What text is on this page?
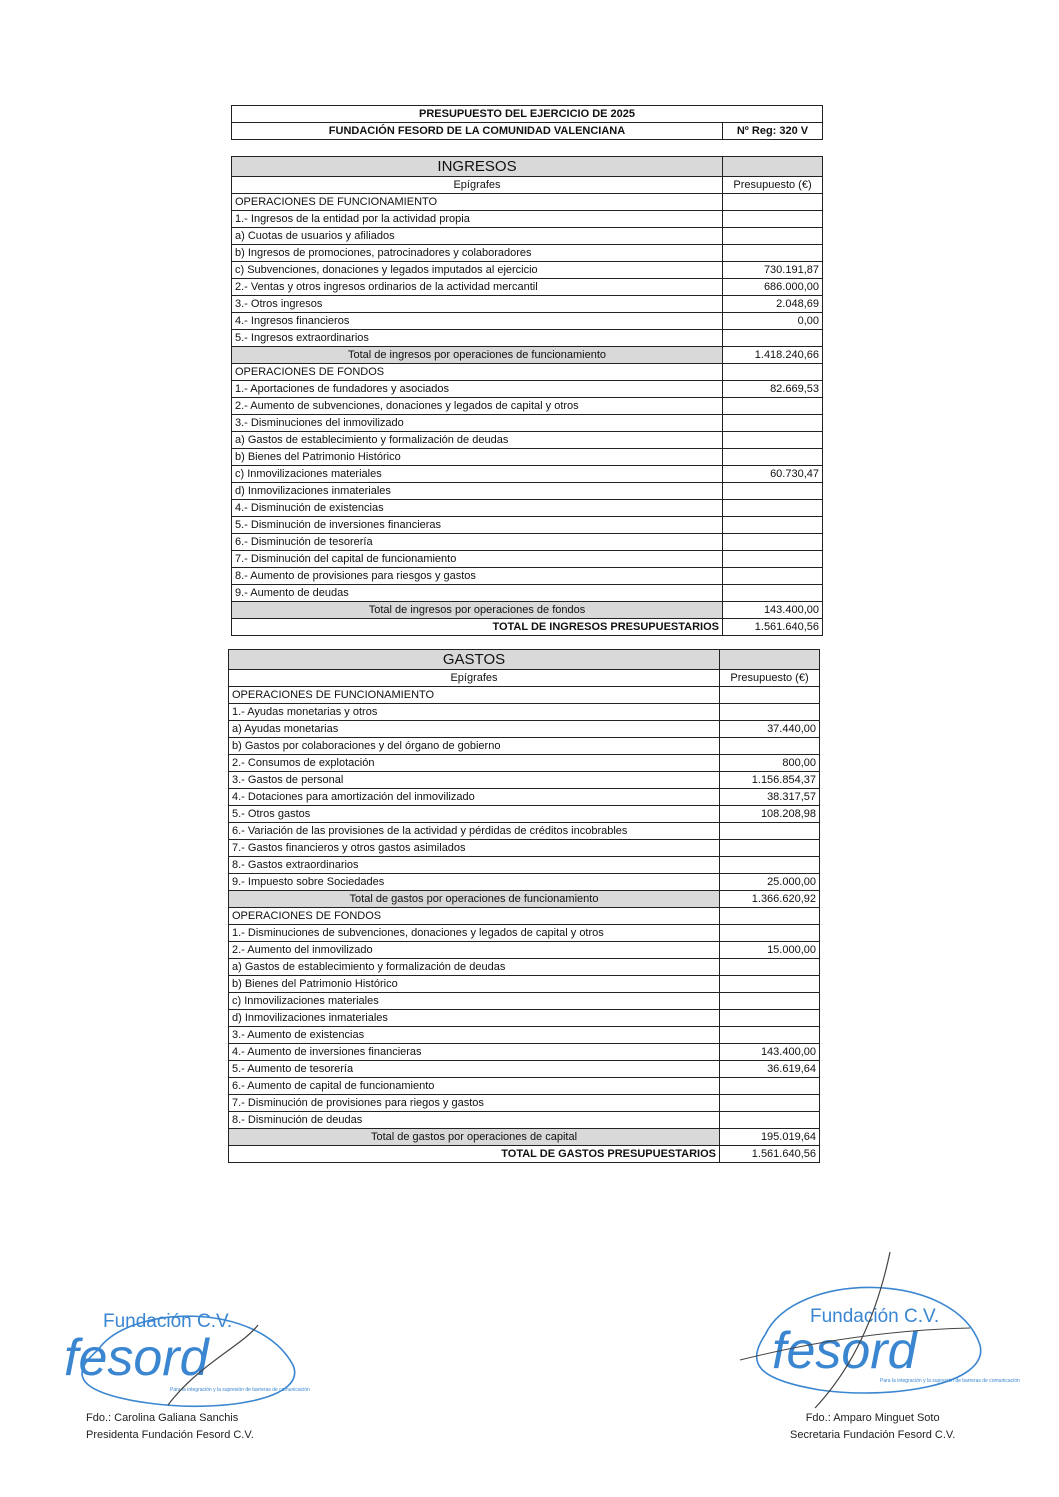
PRESUPUESTO DEL EJERCICIO DE 2025
FUNDACIÓN FESORD DE LA COMUNIDAD VALENCIANA	Nº Reg: 320 V
INGRESOS	
Epígrafes	Presupuesto (€)
OPERACIONES DE FUNCIONAMIENTO	
1.- Ingresos de la entidad por la actividad propia	
a) Cuotas de usuarios y afiliados	
b) Ingresos de promociones, patrocinadores y colaboradores	
c) Subvenciones, donaciones y legados imputados al ejercicio	730.191,87
2.- Ventas y otros ingresos ordinarios de la actividad mercantil	686.000,00
3.- Otros ingresos	2.048,69
4.- Ingresos financieros	0,00
5.- Ingresos extraordinarios	
Total de ingresos por operaciones de funcionamiento	1.418.240,66
OPERACIONES DE FONDOS	
1.- Aportaciones de fundadores y asociados	82.669,53
2.- Aumento de subvenciones, donaciones y legados de capital y otros	
3.- Disminuciones del inmovilizado	
a) Gastos de establecimiento y formalización de deudas	
b) Bienes del Patrimonio Histórico	
c) Inmovilizaciones materiales	60.730,47
d) Inmovilizaciones inmateriales	
4.- Disminución de existencias	
5.- Disminución de inversiones financieras	
6.- Disminución de tesorería	
7.- Disminución del capital de funcionamiento	
8.- Aumento de provisiones para riesgos y gastos	
9.- Aumento de deudas	
Total de ingresos por operaciones de fondos	143.400,00
TOTAL DE INGRESOS PRESUPUESTARIOS	1.561.640,56
GASTOS	
Epígrafes	Presupuesto (€)
OPERACIONES DE FUNCIONAMIENTO	
1.- Ayudas monetarias y otros	
a) Ayudas monetarias	37.440,00
b) Gastos por colaboraciones y del órgano de gobierno	
2.- Consumos de explotación	800,00
3.- Gastos de personal	1.156.854,37
4.- Dotaciones para amortización del inmovilizado	38.317,57
5.- Otros gastos	108.208,98
6.- Variación de las provisiones de la actividad y pérdidas de créditos incobrables	
7.- Gastos financieros y otros gastos asimilados	
8.- Gastos extraordinarios	
9.- Impuesto sobre Sociedades	25.000,00
Total de gastos por operaciones de funcionamiento	1.366.620,92
OPERACIONES DE FONDOS	
1.- Disminuciones de subvenciones, donaciones y legados de capital y otros	
2.- Aumento del inmovilizado	15.000,00
a) Gastos de establecimiento y formalización de deudas	
b) Bienes del Patrimonio Histórico	
c) Inmovilizaciones materiales	
d) Inmovilizaciones inmateriales	
3.- Aumento de existencias	
4.- Aumento de inversiones financieras	143.400,00
5.- Aumento de tesorería	36.619,64
6.- Aumento de capital de funcionamiento	
7.- Disminución de provisiones para riegos y gastos	
8.- Disminución de deudas	
Total de gastos por operaciones de capital	195.019,64
TOTAL DE GASTOS PRESUPUESTARIOS	1.561.640,56
Fundación C.V.
fesord
Para la integración y la supresión de barreras de comunicación
Fdo.: Carolina Galiana Sanchis
Presidenta Fundación Fesord C.V.
Fundación C.V.
fesord
Para la integración y la supresión de barreras de comunicación
Fdo.: Amparo Minguet Soto
Secretaria Fundación Fesord C.V.
